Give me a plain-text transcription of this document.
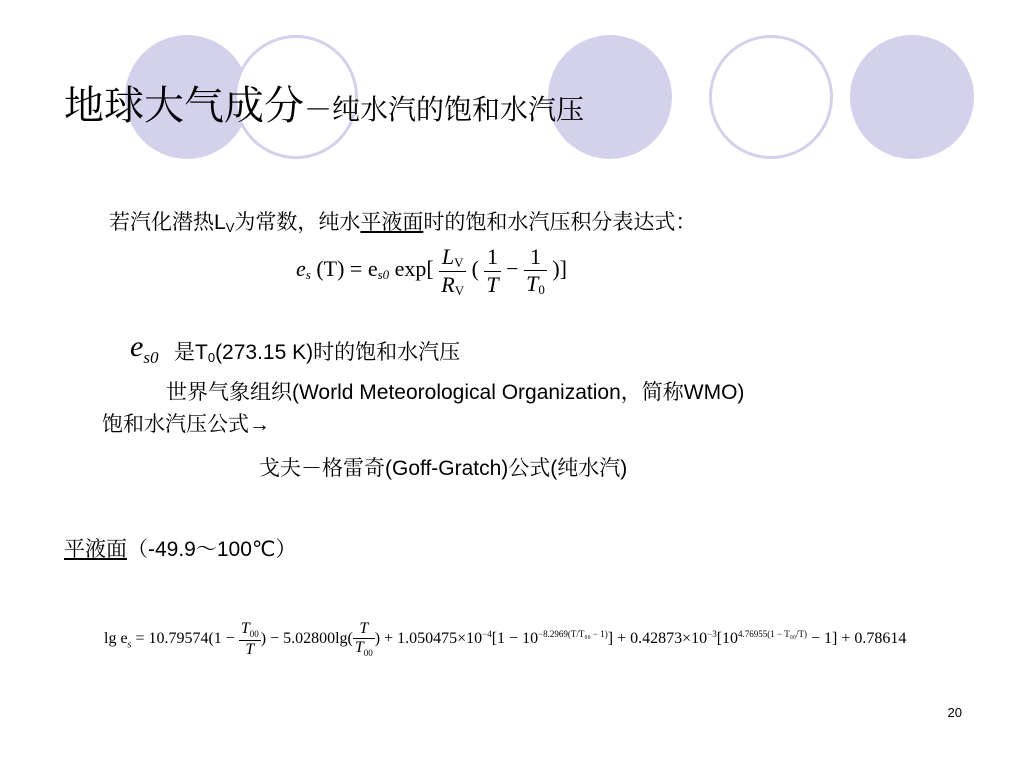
地球大气成分－纯水汽的饱和水汽压
若汽化潜热$L_V$为常数，纯水平液面时的饱和水汽压积分表达式：
$e_s$ $(T) = e_{s0}$ $\exp[ \frac{L_V}{R_V}$ ( $\frac{1}{T} - \frac{1}{T_0}$ )]
$e_{s0}$ 是$T_0(273.15$ K)时的饱和水汽压
世界气象组织(World Meteorological Organization，简称WMO)
饱和水汽压公式→
戈夫－格雷奇(Goff-Gratch)公式(纯水汽)
平液面（-49.9～100℃）
$\lg e_s = 10.79574(1 - \frac{T_{00}}{T}$ ) − $5.02800\lg( \frac{T}{T_{00}}$ ) + $1.050475\times 10^{-4}[1 - 10^{-8.2969(T/T_{00} - 1)}] + 0.42873\times 10^{-3}[10^{4.76955(1 - T_{00}/T)} - 1] + 0.78614$
20
